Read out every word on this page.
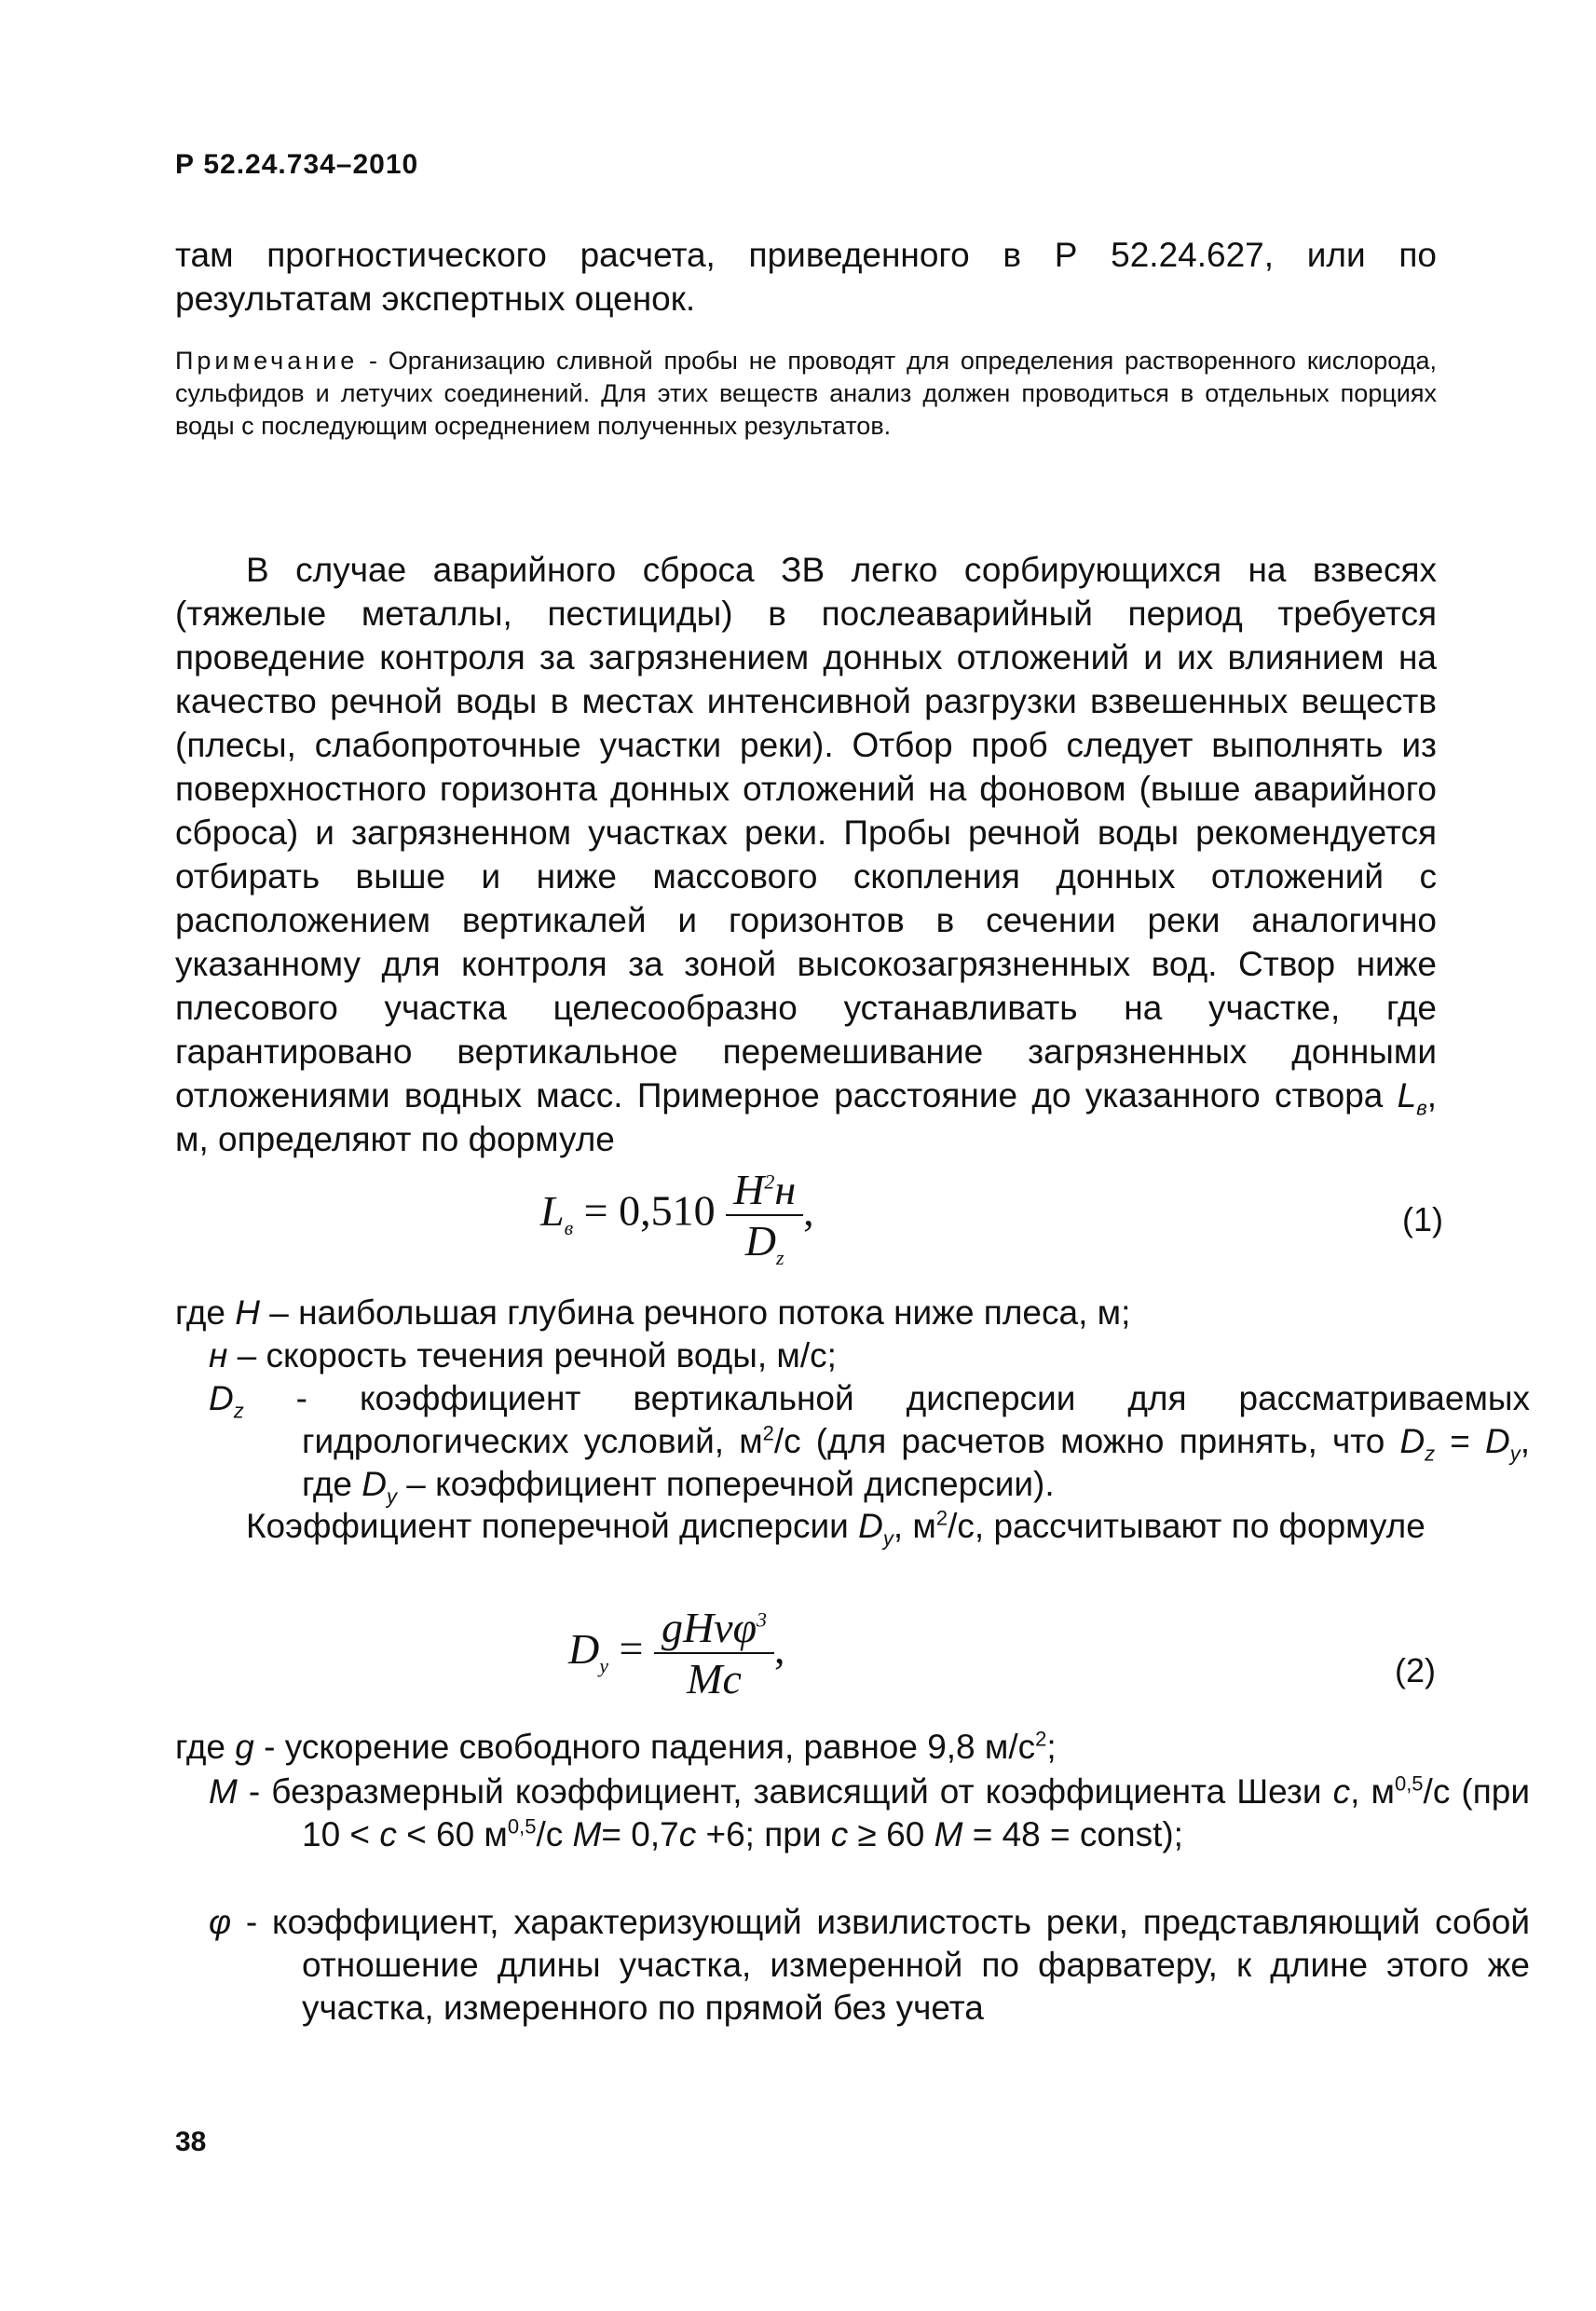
Р 52.24.734–2010

там прогностического расчета, приведенного в Р 52.24.627, или по результатам экспертных оценок.

Примечание - Организацию сливной пробы не проводят для определения растворенного кислорода, сульфидов и летучих соединений. Для этих веществ анализ должен проводиться в отдельных порциях воды с последующим осреднением полученных результатов.

В случае аварийного сброса ЗВ легко сорбирующихся на взвесях (тяжелые металлы, пестициды) в послеаварийный период требуется проведение контроля за загрязнением донных отложений и их влиянием на качество речной воды в местах интенсивной разгрузки взвешенных веществ (плесы, слабопроточные участки реки). Отбор проб следует выполнять из поверхностного горизонта донных отложений на фоновом (выше аварийного сброса) и загрязненном участках реки. Пробы речной воды рекомендуется отбирать выше и ниже массового скопления донных отложений с расположением вертикалей и горизонтов в сечении реки аналогично указанному для контроля за зоной высокозагрязненных вод. Створ ниже плесового участка целесообразно устанавливать на участке, где гарантировано вертикальное перемешивание загрязненных донными отложениями водных масс. Примерное расстояние до указанного створа $L_в$, м, определяют по формуле

$L_в = 0,510 \frac{H^2н}{D_z}$ ,	(1)

где H – наибольшая глубина речного потока ниже плеса, м;

н – скорость течения речной воды, м/с;

$D_z$ - коэффициент вертикальной дисперсии для рассматриваемых гидрологических условий, $м^2/с$ (для расчетов можно принять, что $D_z = D_y$, где $D_y$ – коэффициент поперечной дисперсии).

Коэффициент поперечной дисперсии $D_y$, $м^2/с$, рассчитывают по формуле

$D_y = \frac{gHv\varphi^3}{Mc}$ ,	(2)

где g - ускорение свободного падения, равное 9,8 $м/с^2$;

M - безразмерный коэффициент, зависящий от коэффициента Шези с, $м^{0,5}/с$ (при 10 < с < 60 $м^{0,5}/с$ М= 0,7с +6; при с ≥ 60 М = 48 = const);

φ - коэффициент, характеризующий извилистость реки, представляющий собой отношение длины участка, измеренной по фарватеру, к длине этого же участка, измеренного по прямой без учета

38
